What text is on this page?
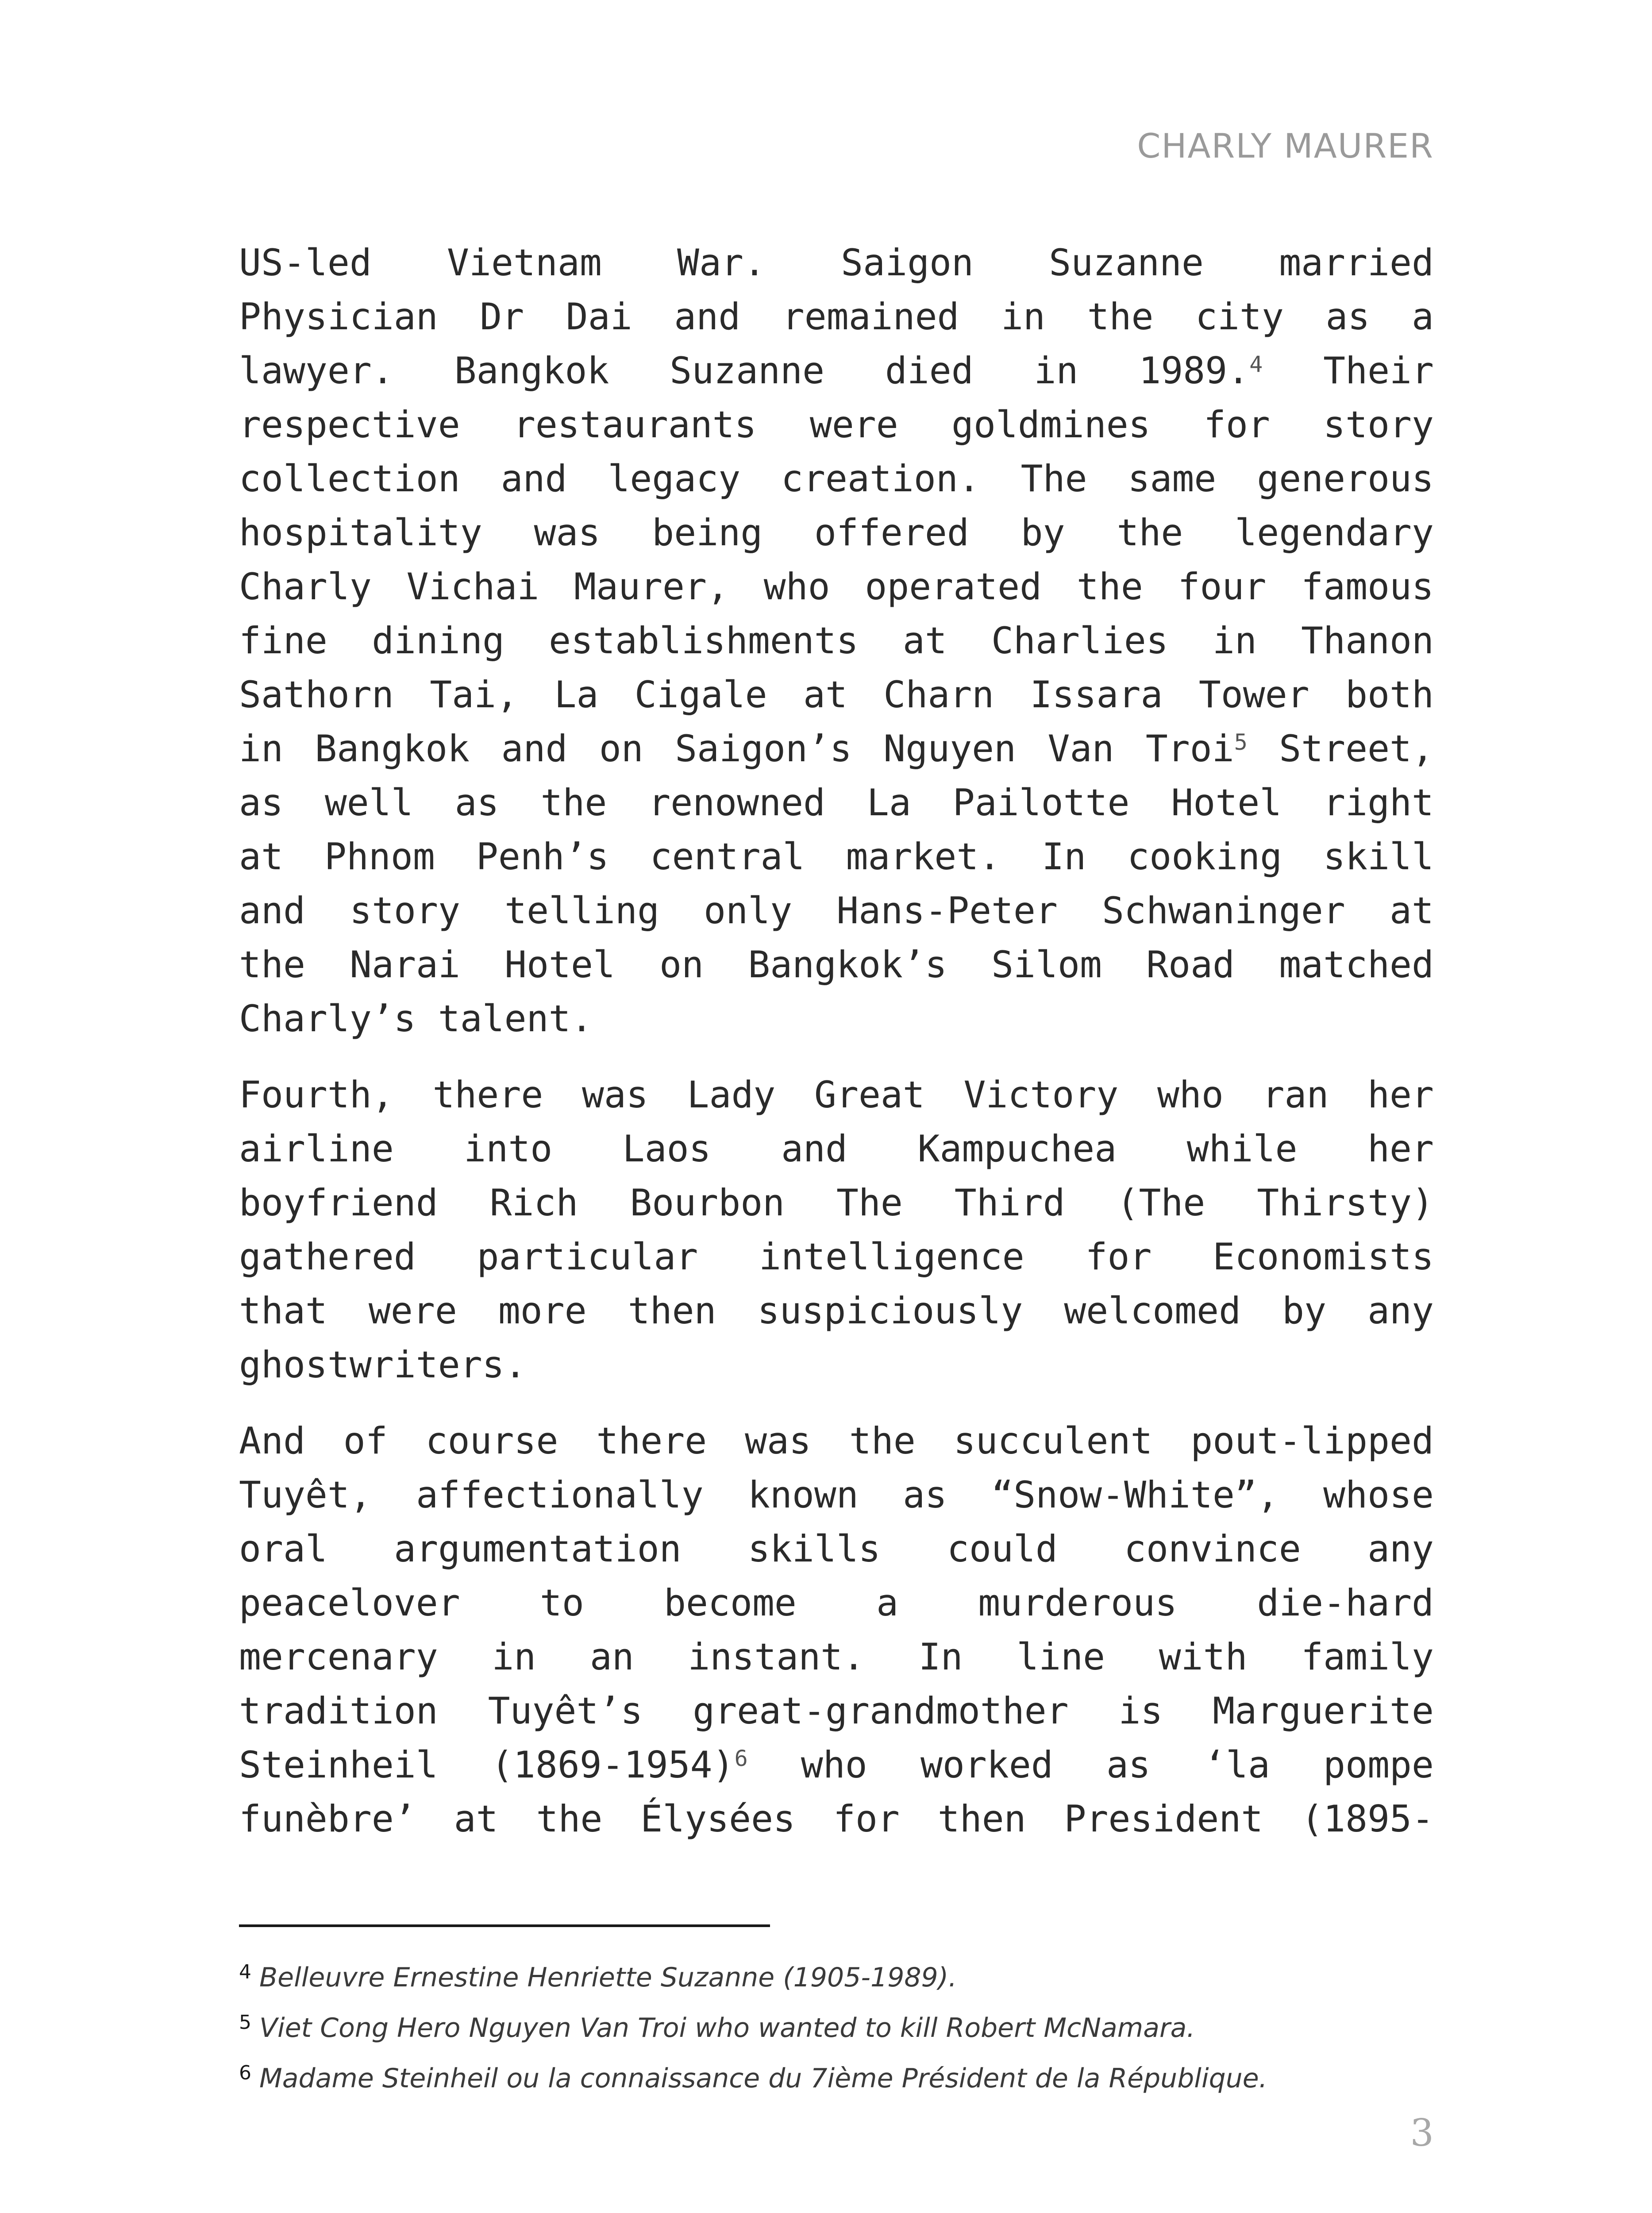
CHARLY MAURER
US-led Vietnam War. Saigon Suzanne married
Physician Dr Dai and remained in the city as a
lawyer. Bangkok Suzanne died in 1989.$^4$ Their
respective restaurants were goldmines for story
collection and legacy creation. The same generous
hospitality was being offered by the legendary
Charly Vichai Maurer, who operated the four famous
fine dining establishments at Charlies in Thanon
Sathorn Tai, La Cigale at Charn Issara Tower both
in Bangkok and on Saigon’s Nguyen Van Troi$^5$ Street,
as well as the renowned La Pailotte Hotel right
at Phnom Penh’s central market. In cooking skill
and story telling only Hans-Peter Schwaninger at
the Narai Hotel on Bangkok’s Silom Road matched
Charly’s talent.
Fourth, there was Lady Great Victory who ran her
airline into Laos and Kampuchea while her
boyfriend Rich Bourbon The Third (The Thirsty)
gathered particular intelligence for Economists
that were more then suspiciously welcomed by any
ghostwriters.
And of course there was the succulent pout-lipped
Tuyêt, affectionally known as “Snow-White”, whose
oral argumentation skills could convince any
peacelover to become a murderous die-hard
mercenary in an instant. In line with family
tradition Tuyêt’s great-grandmother is Marguerite
Steinheil (1869-1954)$^6$ who worked as ‘la pompe
funèbre’ at the Élysées for then President (1895-
$^4$ Belleuvre Ernestine Henriette Suzanne (1905-1989).
$^5$ Viet Cong Hero Nguyen Van Troi who wanted to kill Robert McNamara.
$^6$ Madame Steinheil ou la connaissance du 7ième Président de la République.
3
